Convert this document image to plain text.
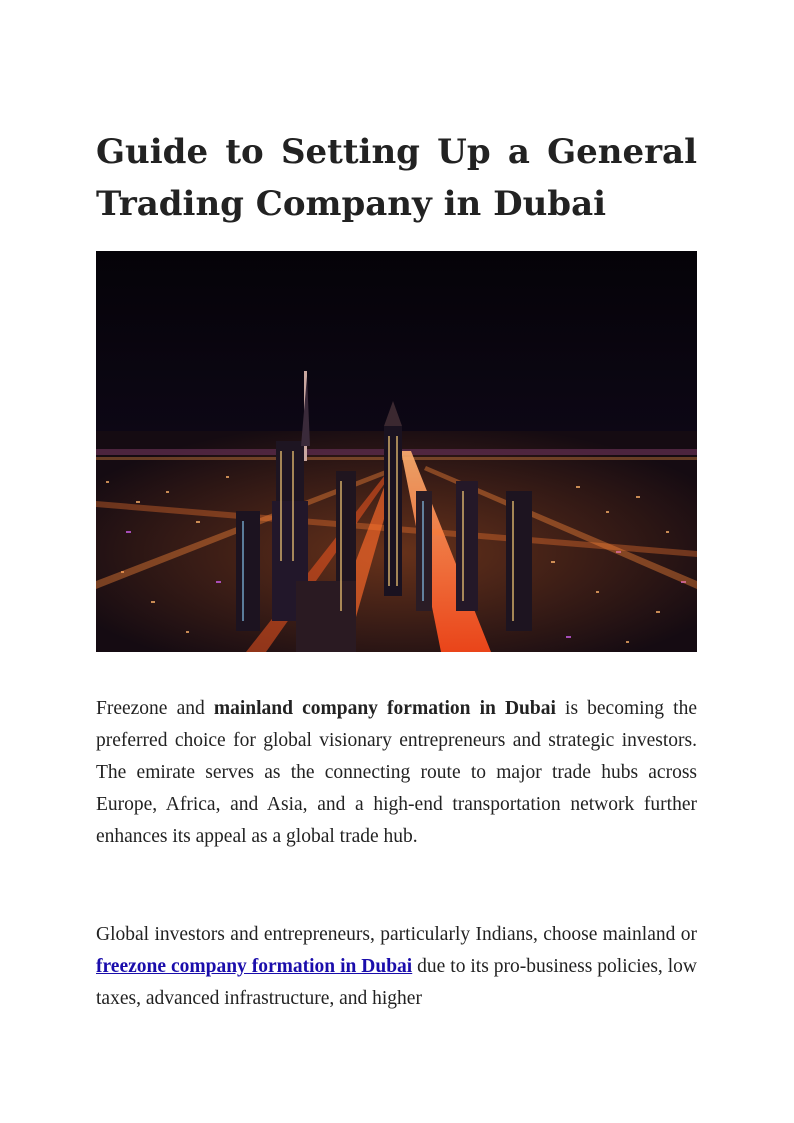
Guide to Setting Up a General Trading Company in Dubai

Freezone and mainland company formation in Dubai is becoming the preferred choice for global visionary entrepreneurs and strategic investors. The emirate serves as the connecting route to major trade hubs across Europe, Africa, and Asia, and a high-end transportation network further enhances its appeal as a global trade hub.

Global investors and entrepreneurs, particularly Indians, choose mainland or freezone company formation in Dubai due to its pro-business policies, low taxes, advanced infrastructure, and higher
